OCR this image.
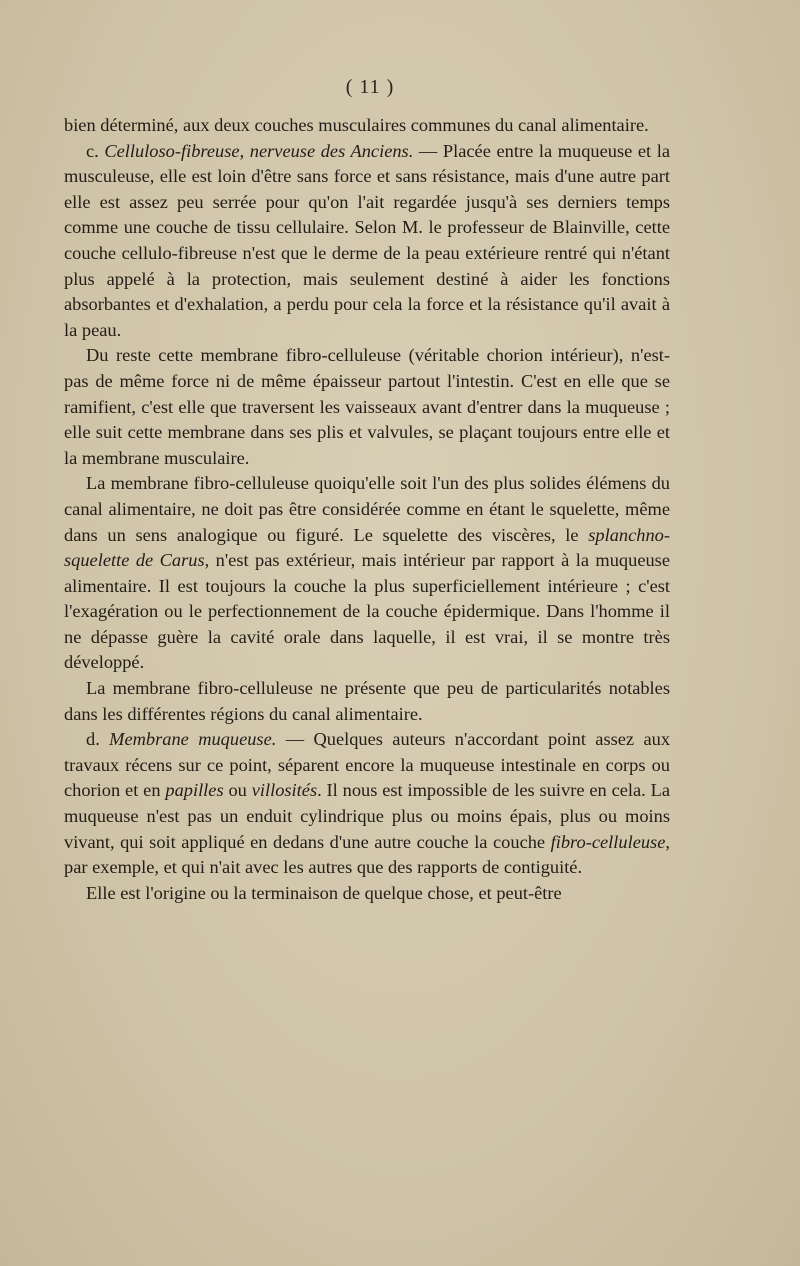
( 11 )

bien déterminé, aux deux couches musculaires communes du canal alimentaire.

c. Celluloso-fibreuse, nerveuse des Anciens. — Placée entre la muqueuse et la musculeuse, elle est loin d'être sans force et sans résistance, mais d'une autre part elle est assez peu serrée pour qu'on l'ait regardée jusqu'à ses derniers temps comme une couche de tissu cellulaire. Selon M. le professeur de Blainville, cette couche cellulo-fibreuse n'est que le derme de la peau extérieure rentré qui n'étant plus appelé à la protection, mais seulement destiné à aider les fonctions absorbantes et d'exhalation, a perdu pour cela la force et la résistance qu'il avait à la peau.

Du reste cette membrane fibro-celluleuse (véritable chorion intérieur), n'est-pas de même force ni de même épaisseur partout l'intestin. C'est en elle que se ramifient, c'est elle que traversent les vaisseaux avant d'entrer dans la muqueuse ; elle suit cette membrane dans ses plis et valvules, se plaçant toujours entre elle et la membrane musculaire.

La membrane fibro-celluleuse quoiqu'elle soit l'un des plus solides élémens du canal alimentaire, ne doit pas être considérée comme en étant le squelette, même dans un sens analogique ou figuré. Le squelette des viscères, le splanchno-squelette de Carus, n'est pas extérieur, mais intérieur par rapport à la muqueuse alimentaire. Il est toujours la couche la plus superficiellement intérieure ; c'est l'exagération ou le perfectionnement de la couche épidermique. Dans l'homme il ne dépasse guère la cavité orale dans laquelle, il est vrai, il se montre très développé.

La membrane fibro-celluleuse ne présente que peu de particularités notables dans les différentes régions du canal alimentaire.

d. Membrane muqueuse. — Quelques auteurs n'accordant point assez aux travaux récens sur ce point, séparent encore la muqueuse intestinale en corps ou chorion et en papilles ou villosités. Il nous est impossible de les suivre en cela. La muqueuse n'est pas un enduit cylindrique plus ou moins épais, plus ou moins vivant, qui soit appliqué en dedans d'une autre couche la couche fibro-celluleuse, par exemple, et qui n'ait avec les autres que des rapports de contiguité.

Elle est l'origine ou la terminaison de quelque chose, et peut-être
